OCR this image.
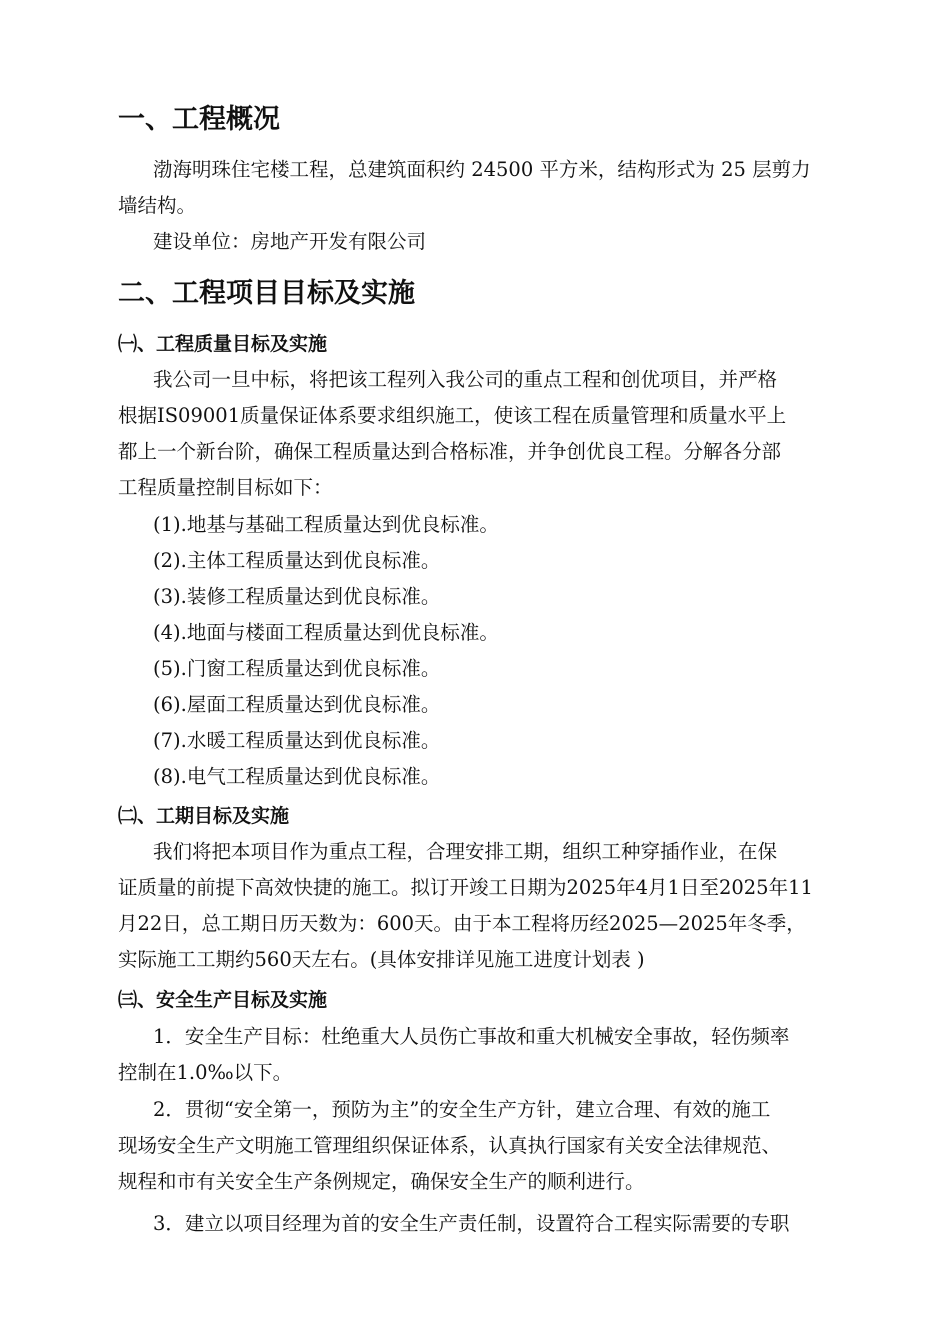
一、工程概况
渤海明珠住宅楼工程，总建筑面积约 24500 平方米，结构形式为 25 层剪力
墙结构。
建设单位：房地产开发有限公司
二、工程项目目标及实施
㈠、工程质量目标及实施
我公司一旦中标，将把该工程列入我公司的重点工程和创优项目，并严格
根据IS09001质量保证体系要求组织施工，使该工程在质量管理和质量水平上
都上一个新台阶，确保工程质量达到合格标准，并争创优良工程。分解各分部
工程质量控制目标如下：
(1).地基与基础工程质量达到优良标准。
(2).主体工程质量达到优良标准。
(3).装修工程质量达到优良标准。
(4).地面与楼面工程质量达到优良标准。
(5).门窗工程质量达到优良标准。
(6).屋面工程质量达到优良标准。
(7).水暖工程质量达到优良标准。
(8).电气工程质量达到优良标准。
㈡、工期目标及实施
我们将把本项目作为重点工程，合理安排工期，组织工种穿插作业，在保
证质量的前提下高效快捷的施工。拟订开竣工日期为2025年4月1日至2025年11
月22日，总工期日历天数为：600天。由于本工程将历经2025—2025年冬季，
实际施工工期约560天左右。(具体安排详见施工进度计划表 )
㈢、安全生产目标及实施
1．安全生产目标：杜绝重大人员伤亡事故和重大机械安全事故，轻伤频率
控制在1.0‰以下。
2．贯彻“安全第一，预防为主”的安全生产方针，建立合理、有效的施工
现场安全生产文明施工管理组织保证体系，认真执行国家有关安全法律规范、
规程和市有关安全生产条例规定，确保安全生产的顺利进行。
3．建立以项目经理为首的安全生产责任制，设置符合工程实际需要的专职
